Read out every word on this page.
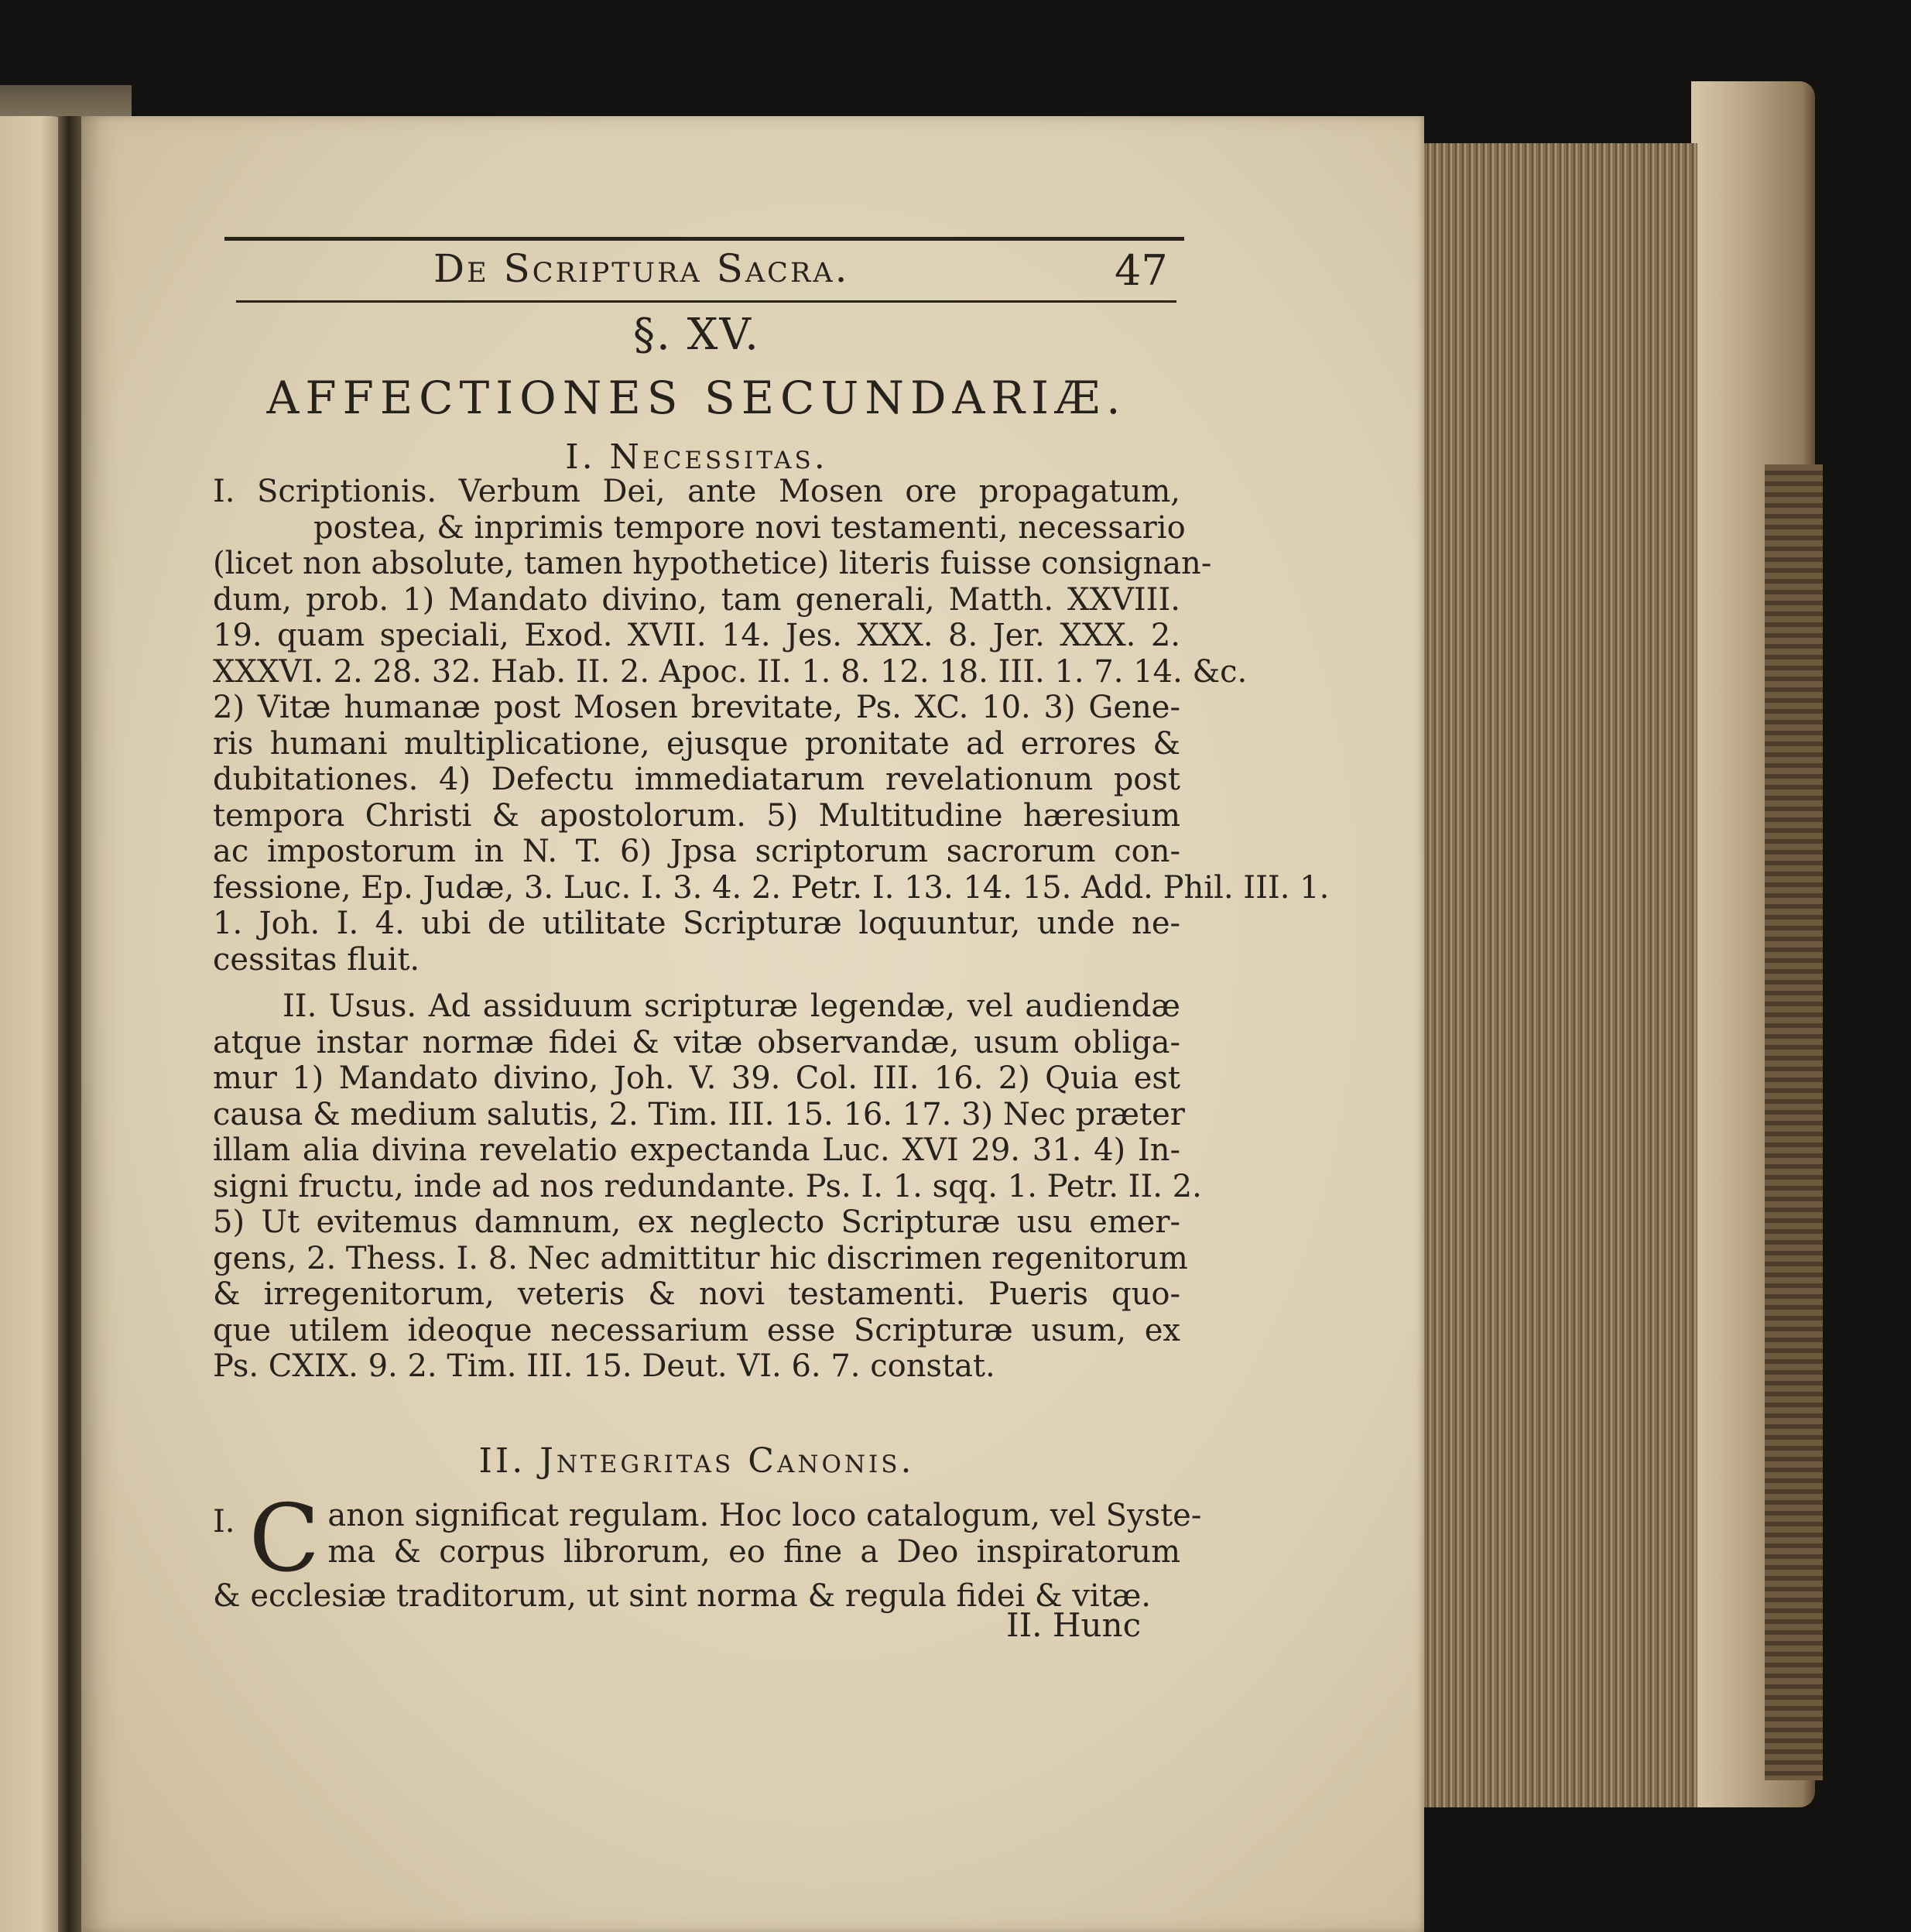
De Scriptura Sacra.	47
§. XV.
AFFECTIONES SECUNDARIÆ.
I. Necessitas.
I. Scriptionis. Verbum Dei, ante Mosen ore propagatum,
postea, & inprimis tempore novi testamenti, necessario
(licet non absolute, tamen hypothetice) literis fuisse consignan-
dum, prob. 1) Mandato divino, tam generali, Matth. XXVIII.
19. quam speciali, Exod. XVII. 14. Jes. XXX. 8. Jer. XXX. 2.
XXXVI. 2. 28. 32. Hab. II. 2. Apoc. II. 1. 8. 12. 18. III. 1. 7. 14. &c.
2) Vitæ humanæ post Mosen brevitate, Ps. XC. 10. 3) Gene-
ris humani multiplicatione, ejusque pronitate ad errores &
dubitationes. 4) Defectu immediatarum revelationum post
tempora Christi & apostolorum. 5) Multitudine hæresium
ac impostorum in N. T. 6) Jpsa scriptorum sacrorum con-
fessione, Ep. Judæ, 3. Luc. I. 3. 4. 2. Petr. I. 13. 14. 15. Add. Phil. III. 1.
1. Joh. I. 4. ubi de utilitate Scripturæ loquuntur, unde ne-
cessitas fluit.
II. Usus. Ad assiduum scripturæ legendæ, vel audiendæ
atque instar normæ fidei & vitæ observandæ, usum obliga-
mur 1) Mandato divino, Joh. V. 39. Col. III. 16. 2) Quia est
causa & medium salutis, 2. Tim. III. 15. 16. 17. 3) Nec præter
illam alia divina revelatio expectanda Luc. XVI 29. 31. 4) In-
signi fructu, inde ad nos redundante. Ps. I. 1. sqq. 1. Petr. II. 2.
5) Ut evitemus damnum, ex neglecto Scripturæ usu emer-
gens, 2. Thess. I. 8. Nec admittitur hic discrimen regenitorum
& irregenitorum, veteris & novi testamenti. Pueris quo-
que utilem ideoque necessarium esse Scripturæ usum, ex
Ps. CXIX. 9. 2. Tim. III. 15. Deut. VI. 6. 7. constat.
II. Jntegritas Canonis.
I. C anon significat regulam. Hoc loco catalogum, vel Syste-
ma & corpus librorum, eo fine a Deo inspiratorum
& ecclesiæ traditorum, ut sint norma & regula fidei & vitæ.
II. Hunc
